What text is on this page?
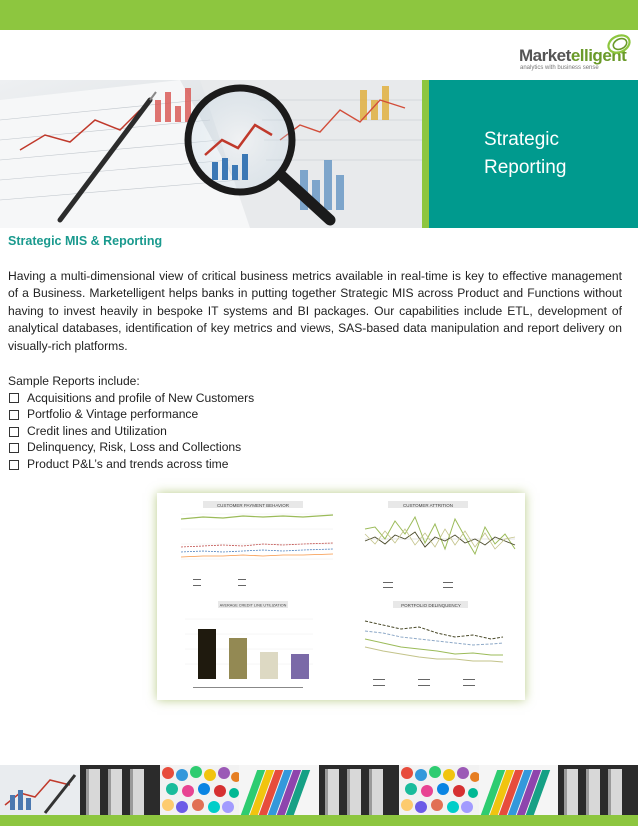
Marketelligent
analytics with business sense
Strategic
Reporting
Strategic MIS & Reporting

Having a multi-dimensional view of critical business metrics available in real-time is key to effective management of a Business. Marketelligent helps banks in putting together Strategic MIS across Product and Functions without having to invest heavily in bespoke IT systems and BI packages. Our capabilities include ETL, development of analytical databases, identification of key metrics and views, SAS-based data manipulation and report delivery on visually-rich platforms.

Sample Reports include:
Acquisitions and profile of New Customers
Portfolio & Vintage performance
Credit lines and Utilization
Delinquency, Risk, Loss and Collections
Product P&L’s and trends across time
CUSTOMER PAYMENT BEHAVIOR	CUSTOMER ATTRITION
AVERAGE CREDIT LINE UTILIZATION	PORTFOLIO DELINQUENCY
